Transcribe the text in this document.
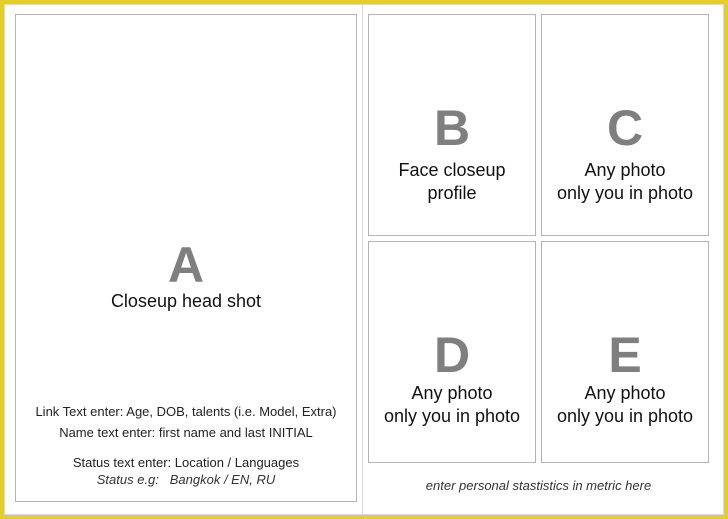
A
Closeup head shot
Link Text enter: Age, DOB, talents (i.e. Model, Extra)
Name text enter: first name and last INITIAL
Status text enter: Location / Languages
Status e.g:   Bangkok / EN, RU
B
Face closeup
profile
C
Any photo
only you in photo
D
Any photo
only you in photo
E
Any photo
only you in photo
enter personal stastistics in metric here
